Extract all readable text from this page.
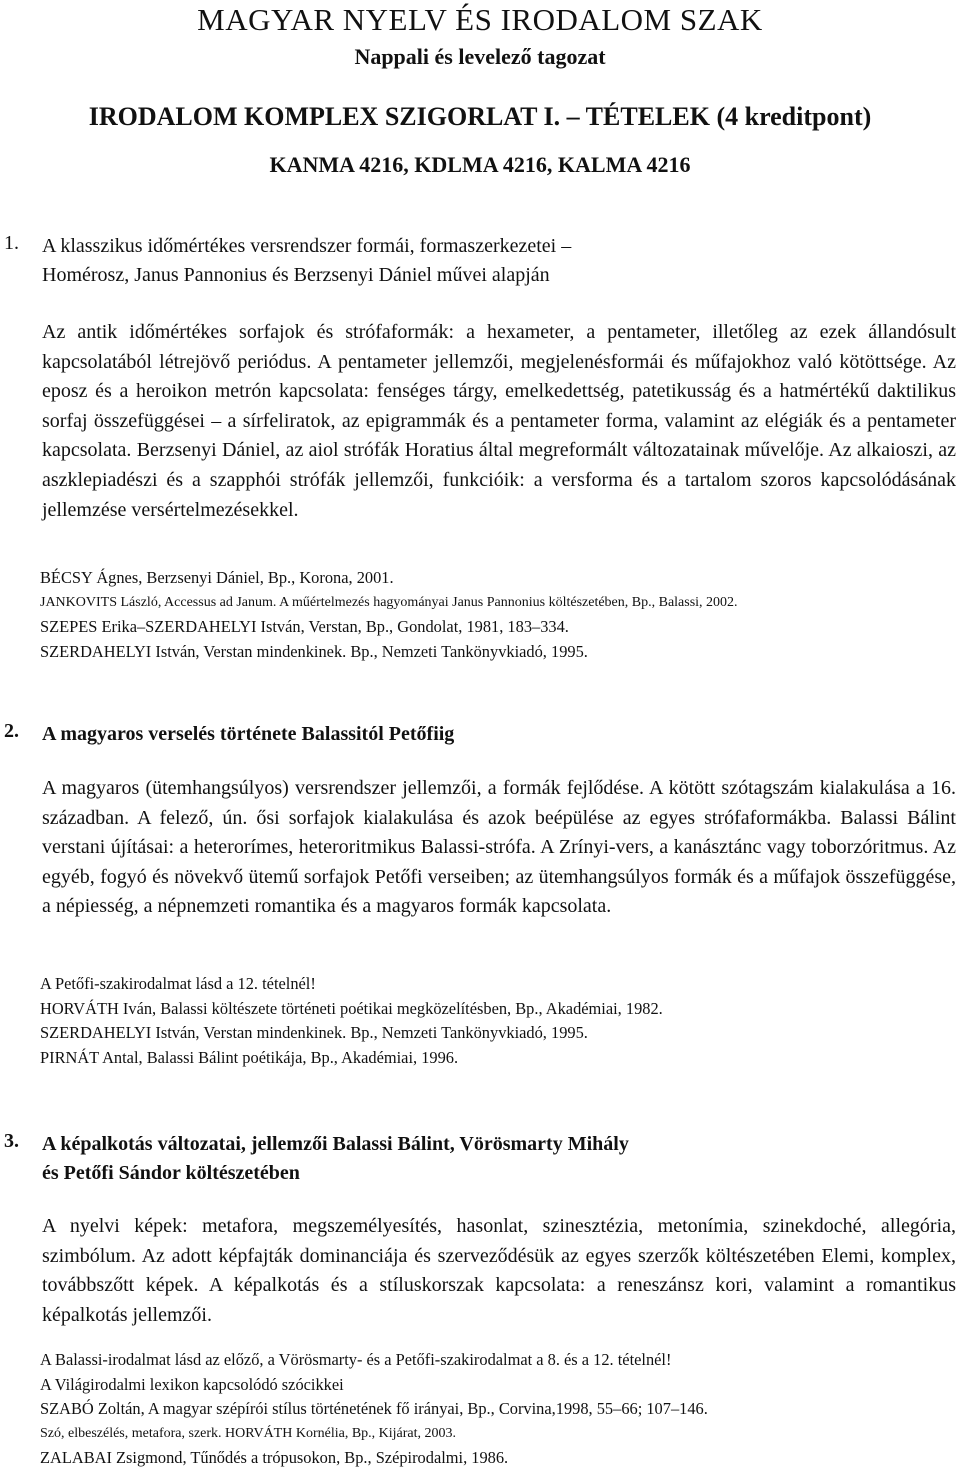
MAGYAR NYELV ÉS IRODALOM SZAK
Nappali és levelező tagozat
IRODALOM KOMPLEX SZIGORLAT I. – TÉTELEK (4 kreditpont)
KANMA 4216, KDLMA 4216, KALMA 4216
1. A klasszikus időmértékes versrendszer formái, formaszerkezetei –
Homérosz, Janus Pannonius és Berzsenyi Dániel művei alapján
Az antik időmértékes sorfajok és strófaformák: a hexameter, a pentameter, illetőleg az ezek állandósult kapcsolatából létrejövő periódus. A pentameter jellemzői, megjelenésformái és műfajokhoz való kötöttsége. Az eposz és a heroikon metrón kapcsolata: fenséges tárgy, emelkedettség, patetikusság és a hatmértékű daktilikus sorfaj összefüggései – a sírfeliratok, az epigrammák és a pentameter forma, valamint az elégiák és a pentameter kapcsolata. Berzsenyi Dániel, az aiol strófák Horatius által megreformált változatainak művelője. Az alkaioszi, az aszklepiadészi és a szapphói strófák jellemzői, funkcióik: a versforma és a tartalom szoros kapcsolódásának jellemzése versértelmezésekkel.
BÉCSY Ágnes, Berzsenyi Dániel, Bp., Korona, 2001.
JANKOVITS László, Accessus ad Janum. A műértelmezés hagyományai Janus Pannonius költészetében, Bp., Balassi, 2002.
SZEPES Erika–SZERDAHELYI István, Verstan, Bp., Gondolat, 1981, 183–334.
SZERDAHELYI István, Verstan mindenkinek. Bp., Nemzeti Tankönyvkiadó, 1995.
2. A magyaros verselés története Balassitól Petőfiig
A magyaros (ütemhangsúlyos) versrendszer jellemzői, a formák fejlődése. A kötött szótagszám kialakulása a 16. században. A felező, ún. ősi sorfajok kialakulása és azok beépülése az egyes strófaformákba. Balassi Bálint verstani újításai: a heterorímes, heteroritmikus Balassi-strófa. A Zrínyi-vers, a kanásztánc vagy toborzóritmus. Az egyéb, fogyó és növekvő ütemű sorfajok Petőfi verseiben; az ütemhangsúlyos formák és a műfajok összefüggése, a népiesség, a népnemzeti romantika és a magyaros formák kapcsolata.
A Petőfi-szakirodalmat lásd a 12. tételnél!
HORVÁTH Iván, Balassi költészete történeti poétikai megközelítésben, Bp., Akadémiai, 1982.
SZERDAHELYI István, Verstan mindenkinek. Bp., Nemzeti Tankönyvkiadó, 1995.
PIRNÁT Antal, Balassi Bálint poétikája, Bp., Akadémiai, 1996.
3. A képalkotás változatai, jellemzői Balassi Bálint, Vörösmarty Mihály
és Petőfi Sándor költészetében
A nyelvi képek: metafora, megszemélyesítés, hasonlat, szinesztézia, metonímia, szinekdoché, allegória, szimbólum. Az adott képfajták dominanciája és szerveződésük az egyes szerzők költészetében Elemi, komplex, továbbszőtt képek. A képalkotás és a stíluskorszak kapcsolata: a reneszánsz kori, valamint a romantikus képalkotás jellemzői.
A Balassi-irodalmat lásd az előző, a Vörösmarty- és a Petőfi-szakirodalmat a 8. és a 12. tételnél!
A Világirodalmi lexikon kapcsolódó szócikkei
SZABÓ Zoltán, A magyar szépírói stílus történetének fő irányai, Bp., Corvina,1998, 55–66; 107–146.
Szó, elbeszélés, metafora, szerk. HORVÁTH Kornélia, Bp., Kijárat, 2003.
ZALABAI Zsigmond, Tűnődés a trópusokon, Bp., Szépirodalmi, 1986.
